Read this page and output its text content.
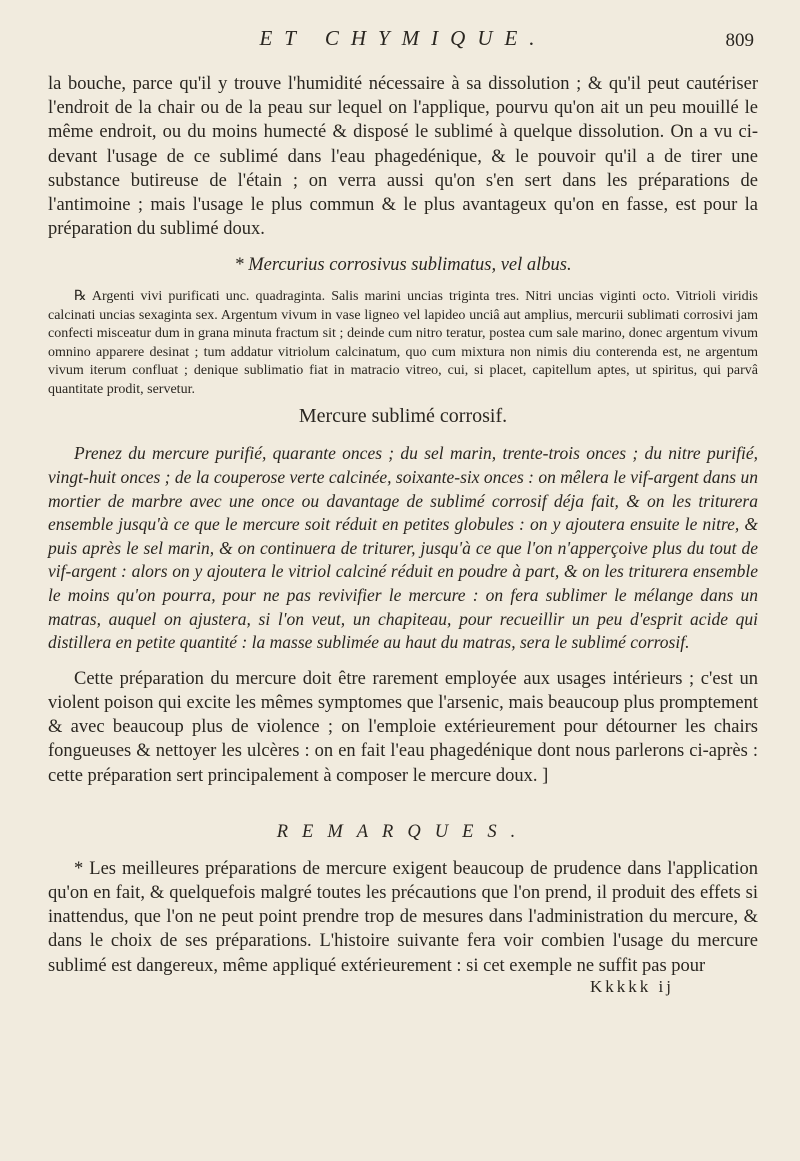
ET CHYMIQUE.	809

la bouche, parce qu'il y trouve l'humidité nécessaire à sa dissolution ; & qu'il peut cautériser l'endroit de la chair ou de la peau sur lequel on l'applique, pourvu qu'on ait un peu mouillé le même endroit, ou du moins humecté & disposé le sublimé à quelque dissolution. On a vu ci-devant l'usage de ce sublimé dans l'eau phagedénique, & le pouvoir qu'il a de tirer une substance butireuse de l'étain ; on verra aussi qu'on s'en sert dans les préparations de l'antimoine ; mais l'usage le plus commun & le plus avantageux qu'on en fasse, est pour la préparation du sublimé doux.

* Mercurius corrosivus sublimatus, vel albus.

℞ Argenti vivi purificati unc. quadraginta. Salis marini uncias triginta tres. Nitri uncias viginti octo. Vitrioli viridis calcinati uncias sexaginta sex. Argentum vivum in vase ligneo vel lapideo unciâ aut amplius, mercurii sublimati corrosivi jam confecti misceatur dum in grana minuta fractum sit ; deinde cum nitro teratur, postea cum sale marino, donec argentum vivum omnino apparere desinat ; tum addatur vitriolum calcinatum, quo cum mixtura non nimis diu conterenda est, ne argentum vivum iterum confluat ; denique sublimatio fiat in matracio vitreo, cui, si placet, capitellum aptes, ut spiritus, qui parvâ quantitate prodit, servetur.

Mercure sublimé corrosif.

Prenez du mercure purifié, quarante onces ; du sel marin, trente-trois onces ; du nitre purifié, vingt-huit onces ; de la couperose verte calcinée, soixante-six onces : on mêlera le vif-argent dans un mortier de marbre avec une once ou davantage de sublimé corrosif déja fait, & on les triturera ensemble jusqu'à ce que le mercure soit réduit en petites globules : on y ajoutera ensuite le nitre, & puis après le sel marin, & on continuera de triturer, jusqu'à ce que l'on n'apperçoive plus du tout de vif-argent : alors on y ajoutera le vitriol calciné réduit en poudre à part, & on les triturera ensemble le moins qu'on pourra, pour ne pas revivifier le mercure : on fera sublimer le mélange dans un matras, auquel on ajustera, si l'on veut, un chapiteau, pour recueillir un peu d'esprit acide qui distillera en petite quantité : la masse sublimée au haut du matras, sera le sublimé corrosif.

Cette préparation du mercure doit être rarement employée aux usages intérieurs ; c'est un violent poison qui excite les mêmes symptomes que l'arsenic, mais beaucoup plus promptement & avec beaucoup plus de violence ; on l'emploie extérieurement pour détourner les chairs fongueuses & nettoyer les ulcères : on en fait l'eau phagedénique dont nous parlerons ci-après : cette préparation sert principalement à composer le mercure doux. ]

REMARQUES.

* Les meilleures préparations de mercure exigent beaucoup de prudence dans l'application qu'on en fait, & quelquefois malgré toutes les précautions que l'on prend, il produit des effets si inattendus, que l'on ne peut point prendre trop de mesures dans l'administration du mercure, & dans le choix de ses préparations. L'histoire suivante fera voir combien l'usage du mercure sublimé est dangereux, même appliqué extérieurement : si cet exemple ne suffit pas pour

Kkkkk ij
